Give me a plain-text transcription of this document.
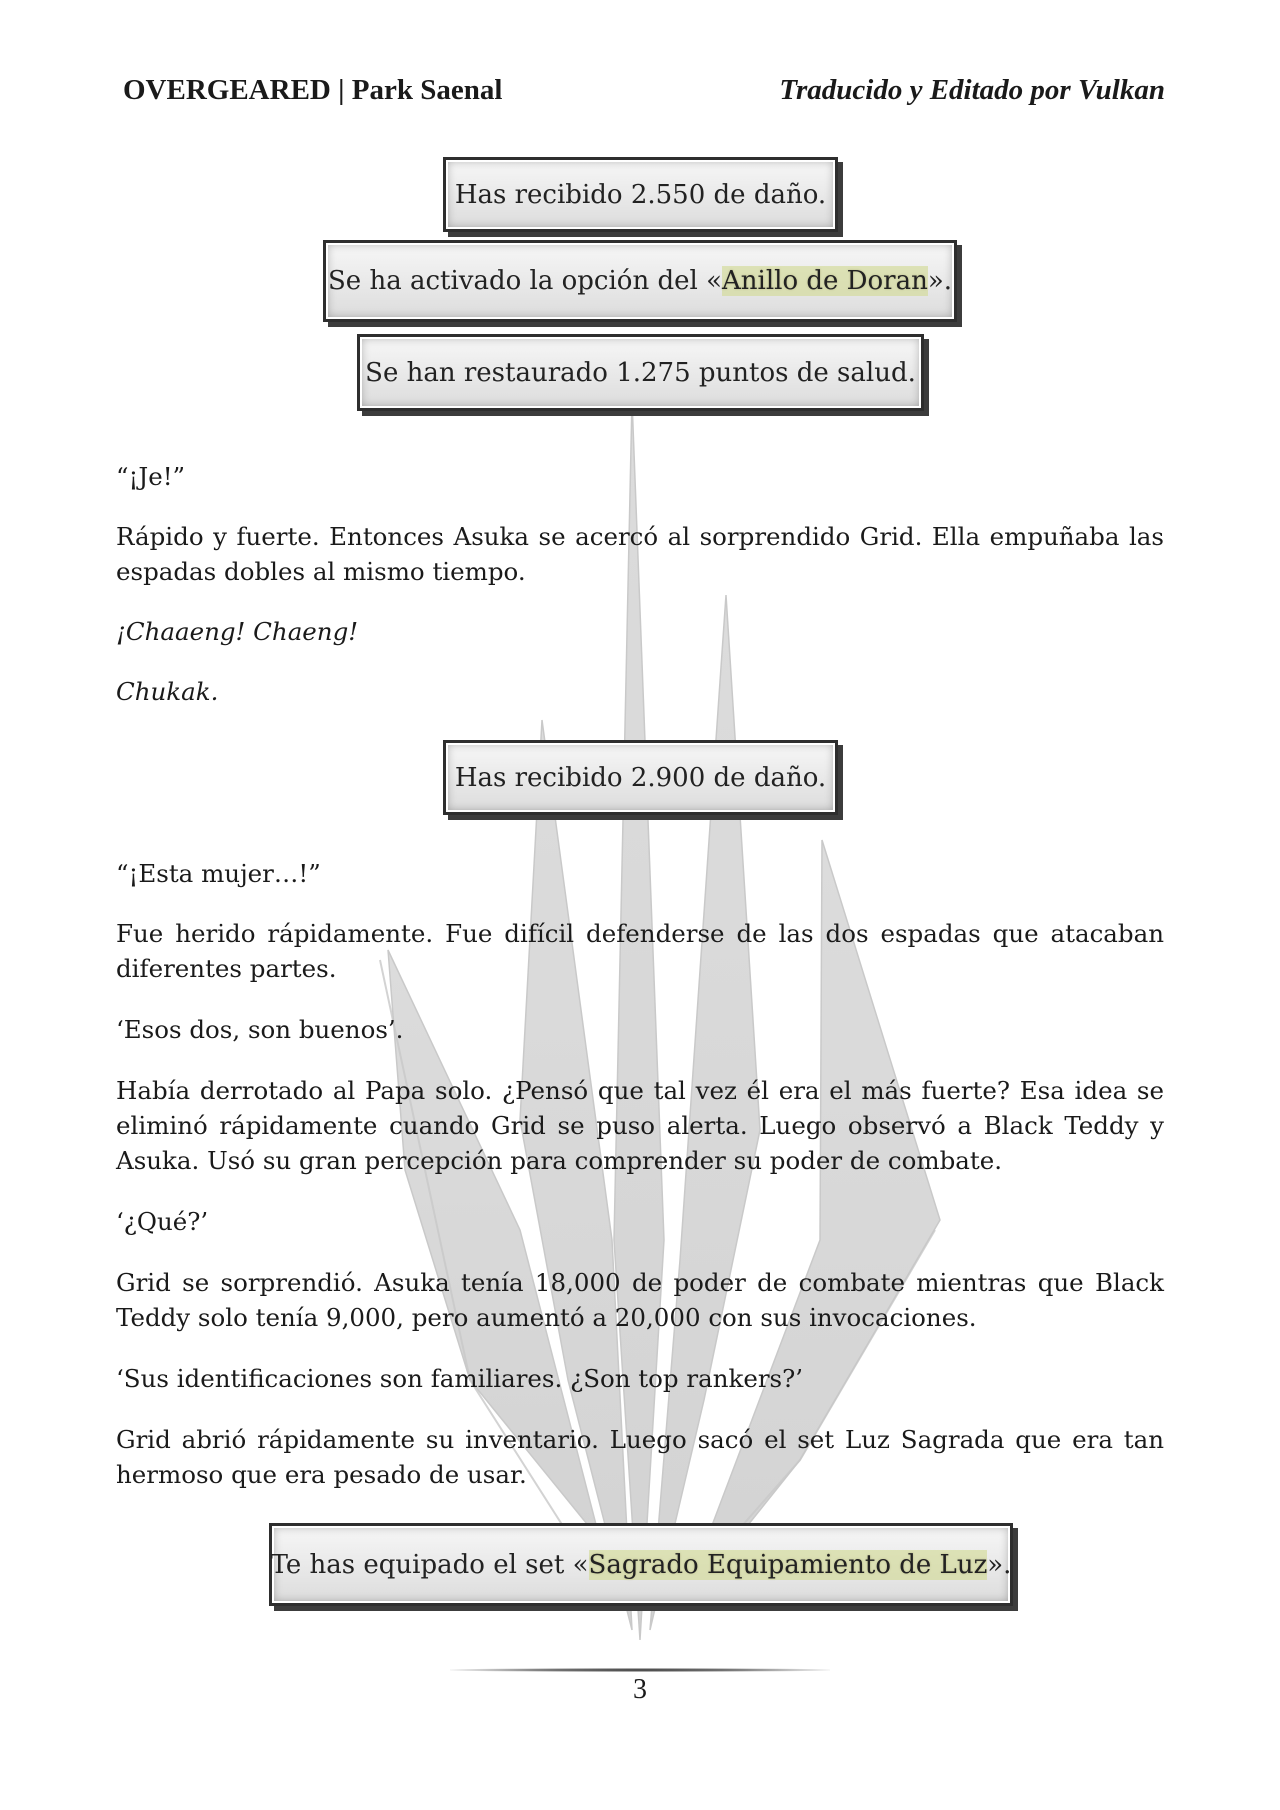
OVERGEARED | Park Saenal	Traducido y Editado por Vulkan
Has recibido 2.550 de daño.
Se ha activado la opción del «Anillo de Doran».
Se han restaurado 1.275 puntos de salud.
Has recibido 2.900 de daño.
Te has equipado el set «Sagrado Equipamiento de Luz».

“¡Je!”

Rápido y fuerte. Entonces Asuka se acercó al sorprendido Grid. Ella empuñaba las espadas dobles al mismo tiempo.

¡Chaaeng! Chaeng!

Chukak.

“¡Esta mujer…!”

Fue herido rápidamente. Fue difícil defenderse de las dos espadas que atacaban diferentes partes.

‘Esos dos, son buenos’.

Había derrotado al Papa solo. ¿Pensó que tal vez él era el más fuerte? Esa idea se eliminó rápidamente cuando Grid se puso alerta. Luego observó a Black Teddy y Asuka. Usó su gran percepción para comprender su poder de combate.

‘¿Qué?’

Grid se sorprendió. Asuka tenía 18,000 de poder de combate mientras que Black Teddy solo tenía 9,000, pero aumentó a 20,000 con sus invocaciones.

‘Sus identificaciones son familiares. ¿Son top rankers?’

Grid abrió rápidamente su inventario. Luego sacó el set Luz Sagrada que era tan hermoso que era pesado de usar.

3
